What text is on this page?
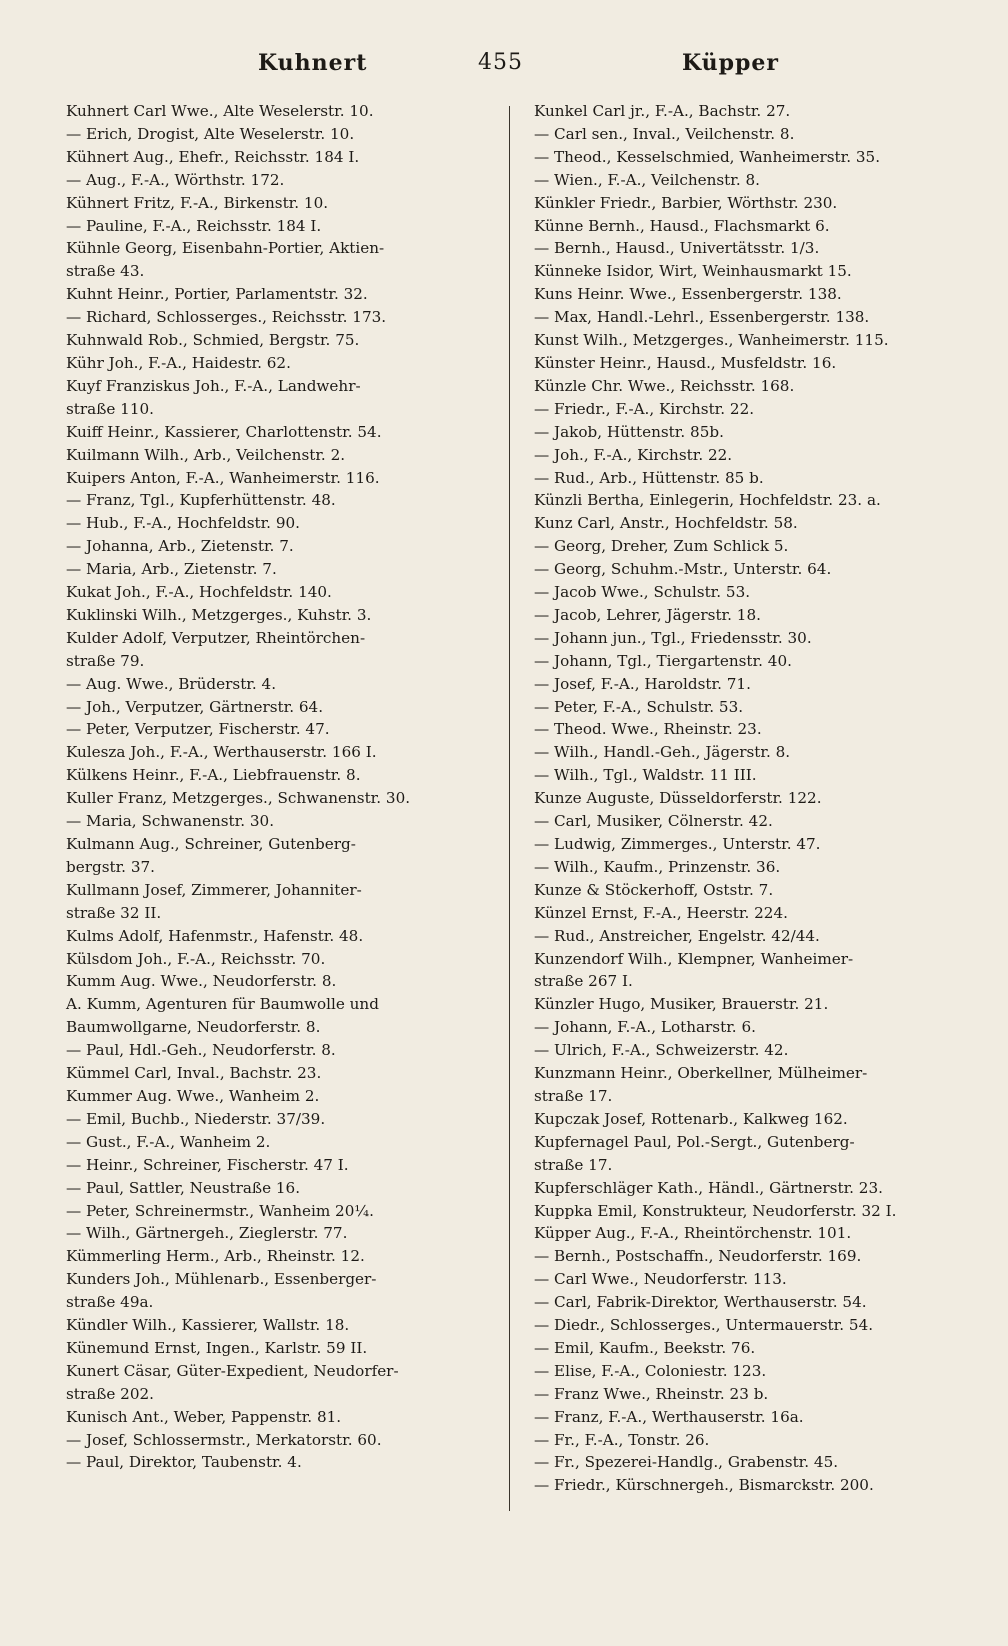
Kuhnert	455	Küpper
Kuhnert Carl Wwe., Alte Weselerstr. 10.
— Erich, Drogist, Alte Weselerstr. 10.
Kühnert Aug., Ehefr., Reichsstr. 184 I.
— Aug., F.-A., Wörthstr. 172.
Kühnert Fritz, F.-A., Birkenstr. 10.
— Pauline, F.-A., Reichsstr. 184 I.
Kühnle Georg, Eisenbahn-Portier, Aktien-
straße 43.
Kuhnt Heinr., Portier, Parlamentstr. 32.
— Richard, Schlosserges., Reichsstr. 173.
Kuhnwald Rob., Schmied, Bergstr. 75.
Kühr Joh., F.-A., Haidestr. 62.
Kuyf Franziskus Joh., F.-A., Landwehr-
straße 110.
Kuiff Heinr., Kassierer, Charlottenstr. 54.
Kuilmann Wilh., Arb., Veilchenstr. 2.
Kuipers Anton, F.-A., Wanheimerstr. 116.
— Franz, Tgl., Kupferhüttenstr. 48.
— Hub., F.-A., Hochfeldstr. 90.
— Johanna, Arb., Zietenstr. 7.
— Maria, Arb., Zietenstr. 7.
Kukat Joh., F.-A., Hochfeldstr. 140.
Kuklinski Wilh., Metzgerges., Kuhstr. 3.
Kulder Adolf, Verputzer, Rheintörchen-
straße 79.
— Aug. Wwe., Brüderstr. 4.
— Joh., Verputzer, Gärtnerstr. 64.
— Peter, Verputzer, Fischerstr. 47.
Kulesza Joh., F.-A., Werthauserstr. 166 I.
Külkens Heinr., F.-A., Liebfrauenstr. 8.
Kuller Franz, Metzgerges., Schwanenstr. 30.
— Maria, Schwanenstr. 30.
Kulmann Aug., Schreiner, Gutenberg-
bergstr. 37.
Kullmann Josef, Zimmerer, Johanniter-
straße 32 II.
Kulms Adolf, Hafenmstr., Hafenstr. 48.
Külsdom Joh., F.-A., Reichsstr. 70.
Kumm Aug. Wwe., Neudorferstr. 8.
A. Kumm, Agenturen für Baumwolle und
Baumwollgarne, Neudorferstr. 8.
— Paul, Hdl.-Geh., Neudorferstr. 8.
Kümmel Carl, Inval., Bachstr. 23.
Kummer Aug. Wwe., Wanheim 2.
— Emil, Buchb., Niederstr. 37/39.
— Gust., F.-A., Wanheim 2.
— Heinr., Schreiner, Fischerstr. 47 I.
— Paul, Sattler, Neustraße 16.
— Peter, Schreinermstr., Wanheim 20¼.
— Wilh., Gärtnergeh., Zieglerstr. 77.
Kümmerling Herm., Arb., Rheinstr. 12.
Kunders Joh., Mühlenarb., Essenberger-
straße 49a.
Kündler Wilh., Kassierer, Wallstr. 18.
Künemund Ernst, Ingen., Karlstr. 59 II.
Kunert Cäsar, Güter-Expedient, Neudorfer-
straße 202.
Kunisch Ant., Weber, Pappenstr. 81.
— Josef, Schlossermstr., Merkatorstr. 60.
— Paul, Direktor, Taubenstr. 4.
Kunkel Carl jr., F.-A., Bachstr. 27.
— Carl sen., Inval., Veilchenstr. 8.
— Theod., Kesselschmied, Wanheimerstr. 35.
— Wien., F.-A., Veilchenstr. 8.
Künkler Friedr., Barbier, Wörthstr. 230.
Künne Bernh., Hausd., Flachsmarkt 6.
— Bernh., Hausd., Univertätsstr. 1/3.
Künneke Isidor, Wirt, Weinhausmarkt 15.
Kuns Heinr. Wwe., Essenbergerstr. 138.
— Max, Handl.-Lehrl., Essenbergerstr. 138.
Kunst Wilh., Metzgerges., Wanheimerstr. 115.
Künster Heinr., Hausd., Musfeldstr. 16.
Künzle Chr. Wwe., Reichsstr. 168.
— Friedr., F.-A., Kirchstr. 22.
— Jakob, Hüttenstr. 85b.
— Joh., F.-A., Kirchstr. 22.
— Rud., Arb., Hüttenstr. 85 b.
Künzli Bertha, Einlegerin, Hochfeldstr. 23. a.
Kunz Carl, Anstr., Hochfeldstr. 58.
— Georg, Dreher, Zum Schlick 5.
— Georg, Schuhm.-Mstr., Unterstr. 64.
— Jacob Wwe., Schulstr. 53.
— Jacob, Lehrer, Jägerstr. 18.
— Johann jun., Tgl., Friedensstr. 30.
— Johann, Tgl., Tiergartenstr. 40.
— Josef, F.-A., Haroldstr. 71.
— Peter, F.-A., Schulstr. 53.
— Theod. Wwe., Rheinstr. 23.
— Wilh., Handl.-Geh., Jägerstr. 8.
— Wilh., Tgl., Waldstr. 11 III.
Kunze Auguste, Düsseldorferstr. 122.
— Carl, Musiker, Cölnerstr. 42.
— Ludwig, Zimmerges., Unterstr. 47.
— Wilh., Kaufm., Prinzenstr. 36.
Kunze & Stöckerhoff, Oststr. 7.
Künzel Ernst, F.-A., Heerstr. 224.
— Rud., Anstreicher, Engelstr. 42/44.
Kunzendorf Wilh., Klempner, Wanheimer-
straße 267 I.
Künzler Hugo, Musiker, Brauerstr. 21.
— Johann, F.-A., Lotharstr. 6.
— Ulrich, F.-A., Schweizerstr. 42.
Kunzmann Heinr., Oberkellner, Mülheimer-
straße 17.
Kupczak Josef, Rottenarb., Kalkweg 162.
Kupfernagel Paul, Pol.-Sergt., Gutenberg-
straße 17.
Kupferschläger Kath., Händl., Gärtnerstr. 23.
Kuppka Emil, Konstrukteur, Neudorferstr. 32 I.
Küpper Aug., F.-A., Rheintörchenstr. 101.
— Bernh., Postschaffn., Neudorferstr. 169.
— Carl Wwe., Neudorferstr. 113.
— Carl, Fabrik-Direktor, Werthauserstr. 54.
— Diedr., Schlosserges., Untermauerstr. 54.
— Emil, Kaufm., Beekstr. 76.
— Elise, F.-A., Coloniestr. 123.
— Franz Wwe., Rheinstr. 23 b.
— Franz, F.-A., Werthauserstr. 16a.
— Fr., F.-A., Tonstr. 26.
— Fr., Spezerei-Handlg., Grabenstr. 45.
— Friedr., Kürschnergeh., Bismarckstr. 200.
